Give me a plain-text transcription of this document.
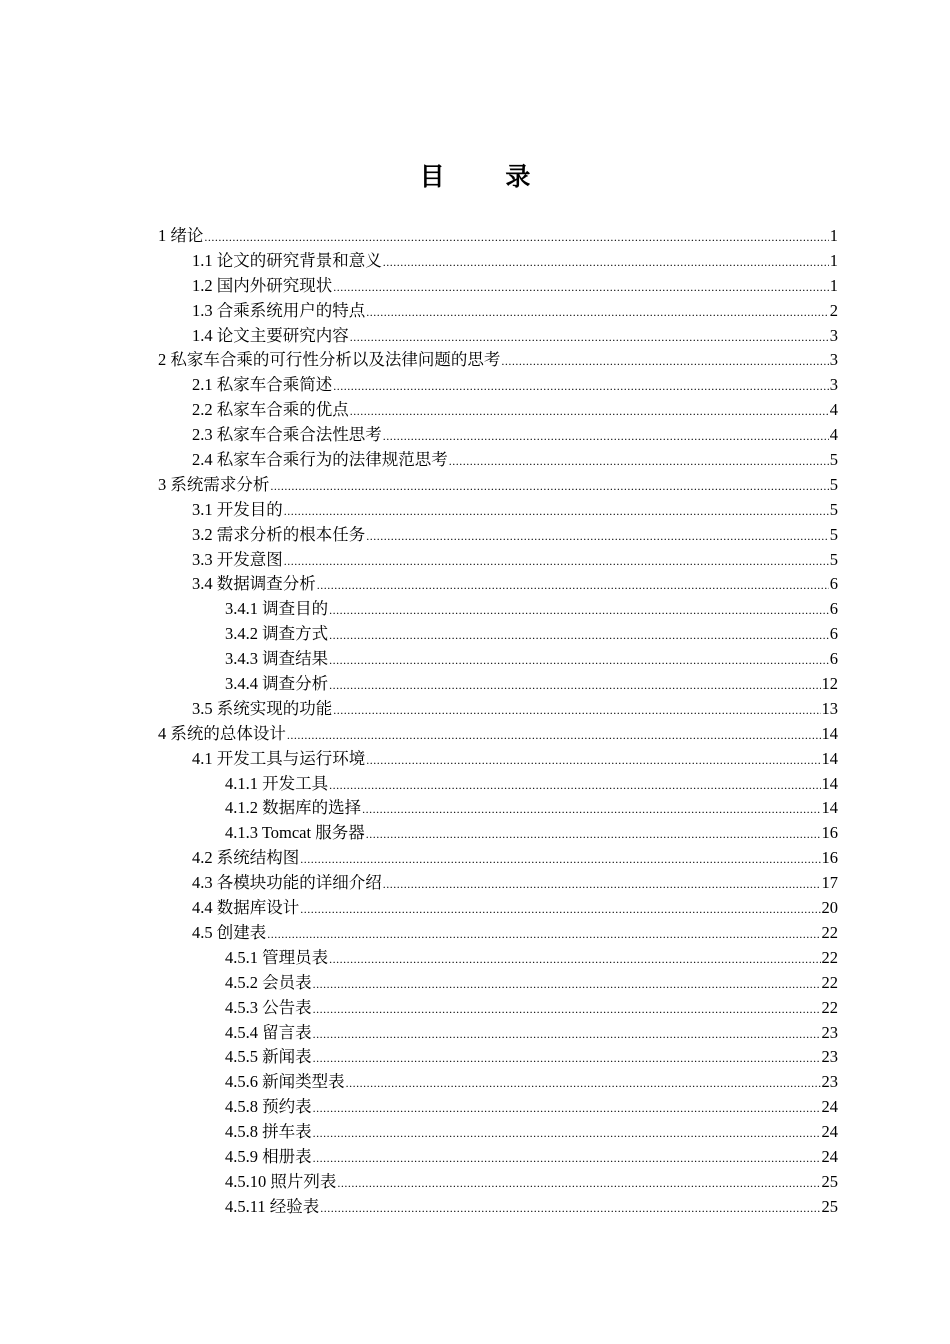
目 录
1 绪论 .....	1
1.1 论文的研究背景和意义 .....	1
1.2 国内外研究现状 .....	1
1.3 合乘系统用户的特点 .....	2
1.4 论文主要研究内容 .....	3
2 私家车合乘的可行性分析以及法律问题的思考 .....	3
2.1 私家车合乘简述 .....	3
2.2 私家车合乘的优点 .....	4
2.3 私家车合乘合法性思考 .....	4
2.4 私家车合乘行为的法律规范思考 .....	5
3 系统需求分析 .....	5
3.1 开发目的 .....	5
3.2 需求分析的根本任务 .....	5
3.3 开发意图 .....	5
3.4 数据调查分析 .....	6
3.4.1 调查目的 .....	6
3.4.2 调查方式 .....	6
3.4.3 调查结果 .....	6
3.4.4 调查分析 .....	12
3.5 系统实现的功能 .....	13
4 系统的总体设计 .....	14
4.1 开发工具与运行环境 .....	14
4.1.1 开发工具 .....	14
4.1.2 数据库的选择 .....	14
4.1.3 Tomcat 服务器 .....	16
4.2 系统结构图 .....	16
4.3 各模块功能的详细介绍 .....	17
4.4 数据库设计 .....	20
4.5 创建表 .....	22
4.5.1 管理员表 .....	22
4.5.2 会员表 .....	22
4.5.3 公告表 .....	22
4.5.4 留言表 .....	23
4.5.5 新闻表 .....	23
4.5.6 新闻类型表 .....	23
4.5.8 预约表 .....	24
4.5.8 拼车表 .....	24
4.5.9 相册表 .....	24
4.5.10 照片列表 .....	25
4.5.11 经验表 .....	25
